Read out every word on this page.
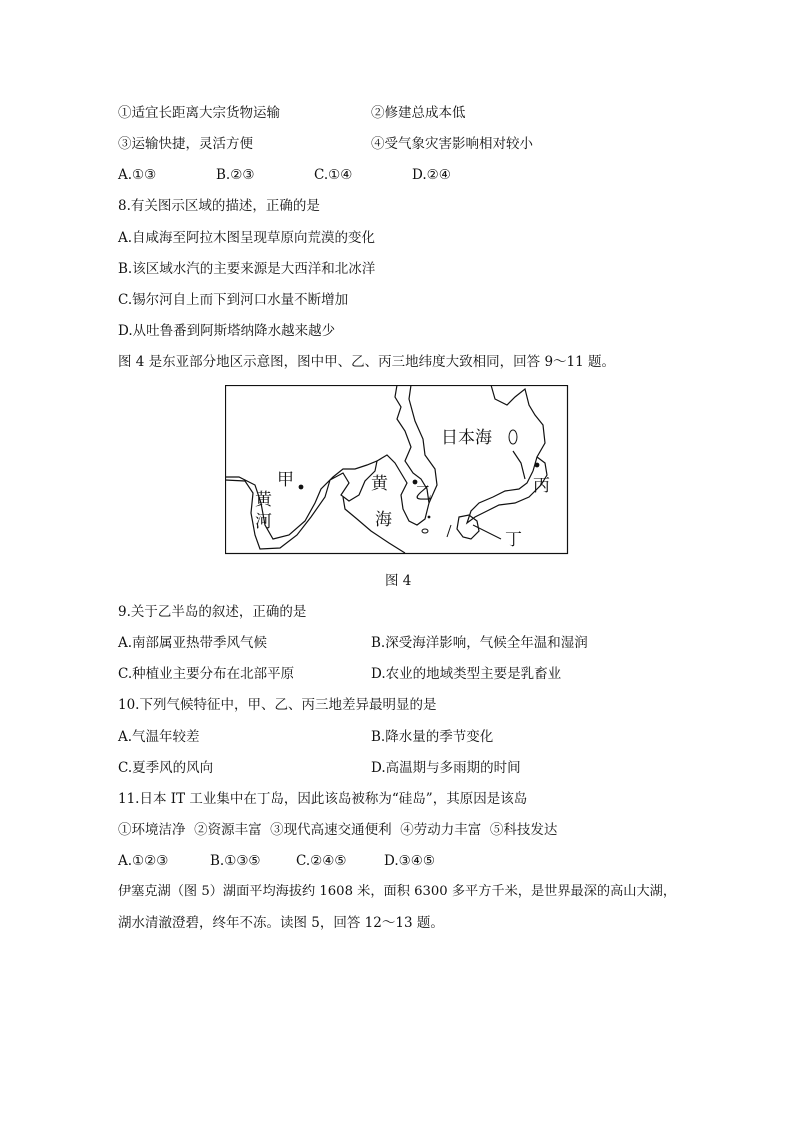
①适宜长距离大宗货物运输	②修建总成本低
③运输快捷，灵活方便	④受气象灾害影响相对较小
A.①③	B.②③	C.①④	D.②④
8.有关图示区域的描述，正确的是
A.自咸海至阿拉木图呈现草原向荒漠的变化
B.该区域水汽的主要来源是大西洋和北冰洋
C.锡尔河自上而下到河口水量不断增加
D.从吐鲁番到阿斯塔纳降水越来越少
图 4 是东亚部分地区示意图，图中甲、乙、丙三地纬度大致相同，回答 9～11 题。
日本海
甲	黄
海
乙	丙
丁
黄
河
图 4
9.关于乙半岛的叙述，正确的是
A.南部属亚热带季风气候	B.深受海洋影响，气候全年温和湿润
C.种植业主要分布在北部平原	D.农业的地域类型主要是乳畜业
10.下列气候特征中，甲、乙、丙三地差异最明显的是
A.气温年较差	B.降水量的季节变化
C.夏季风的风向	D.高温期与多雨期的时间
11.日本 IT 工业集中在丁岛，因此该岛被称为“硅岛”，其原因是该岛
①环境洁净  ②资源丰富  ③现代高速交通便利  ④劳动力丰富  ⑤科技发达
A.①②③	B.①③⑤	C.②④⑤	D.③④⑤
伊塞克湖（图 5）湖面平均海拔约 1608 米，面积 6300 多平方千米，是世界最深的高山大湖，
湖水清澈澄碧，终年不冻。读图 5，回答 12～13 题。
